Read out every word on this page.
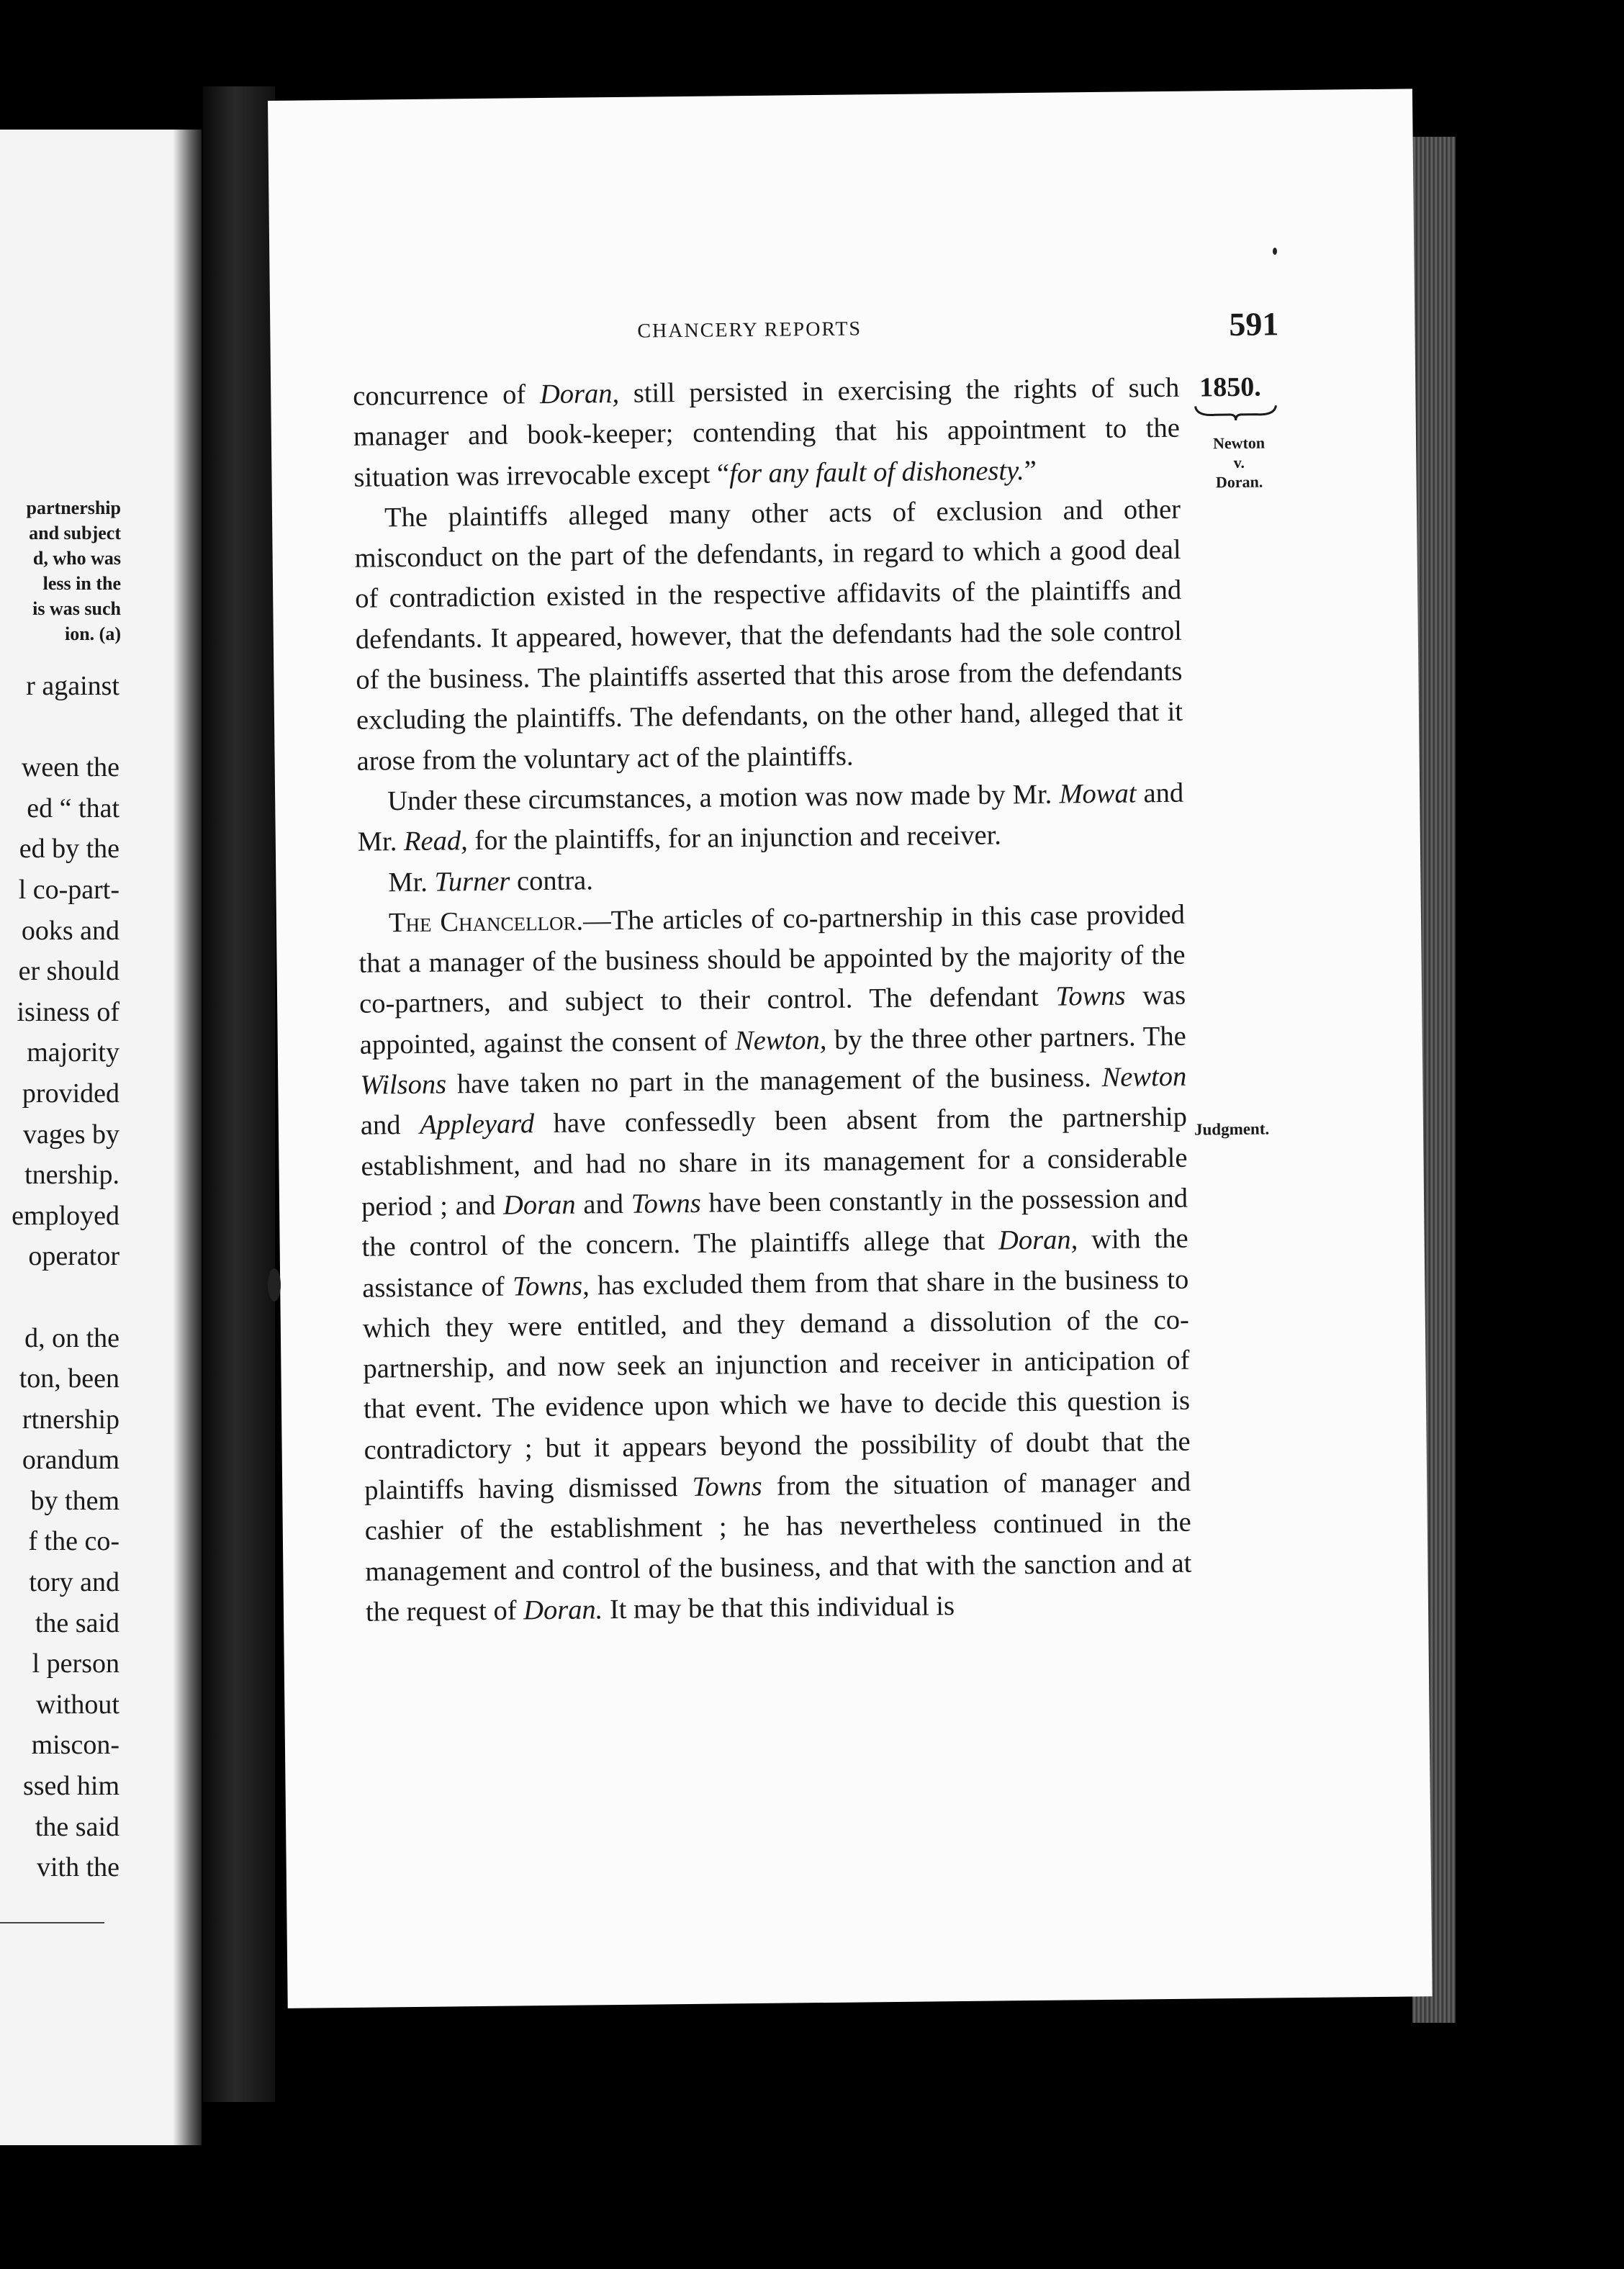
partnership
and subject
d, who was
less in the
is was such
ion. (a)
r against

ween the
ed “ that
ed by the
l co-part-
ooks and
er should
isiness of
majority
provided
vages by
tnership.
employed
operator

d, on the
ton, been
rtnership
orandum
by them
f the co-
tory and
the said
l person
without
miscon-
ssed him
the said
vith the
CHANCERY REPORTS	591
1850.
Newton
v.
Doran.
Judgment.

concurrence of Doran, still persisted in exercising the rights of such manager and book-keeper; contending that his appointment to the situation was irrevocable except “for any fault of dishonesty.”

The plaintiffs alleged many other acts of exclusion and other misconduct on the part of the defendants, in regard to which a good deal of contradiction existed in the respective affidavits of the plaintiffs and defendants. It appeared, however, that the defendants had the sole control of the business. The plaintiffs asserted that this arose from the defendants excluding the plaintiffs. The defendants, on the other hand, alleged that it arose from the voluntary act of the plaintiffs.

Under these circumstances, a motion was now made by Mr. Mowat and Mr. Read, for the plaintiffs, for an injunction and receiver.

Mr. Turner contra.

The Chancellor.—The articles of co-partnership in this case provided that a manager of the business should be appointed by the majority of the co-partners, and subject to their control. The defendant Towns was appointed, against the consent of Newton, by the three other partners. The Wilsons have taken no part in the management of the business. Newton and Appleyard have confessedly been absent from the partnership establishment, and had no share in its management for a considerable period ; and Doran and Towns have been constantly in the possession and the control of the concern. The plaintiffs allege that Doran, with the assistance of Towns, has excluded them from that share in the business to which they were entitled, and they demand a dissolution of the co-partnership, and now seek an injunction and receiver in anticipation of that event. The evidence upon which we have to decide this question is contradictory ; but it appears beyond the possibility of doubt that the plaintiffs having dismissed Towns from the situation of manager and cashier of the establishment ; he has nevertheless continued in the management and control of the business, and that with the sanction and at the request of Doran. It may be that this individual is
